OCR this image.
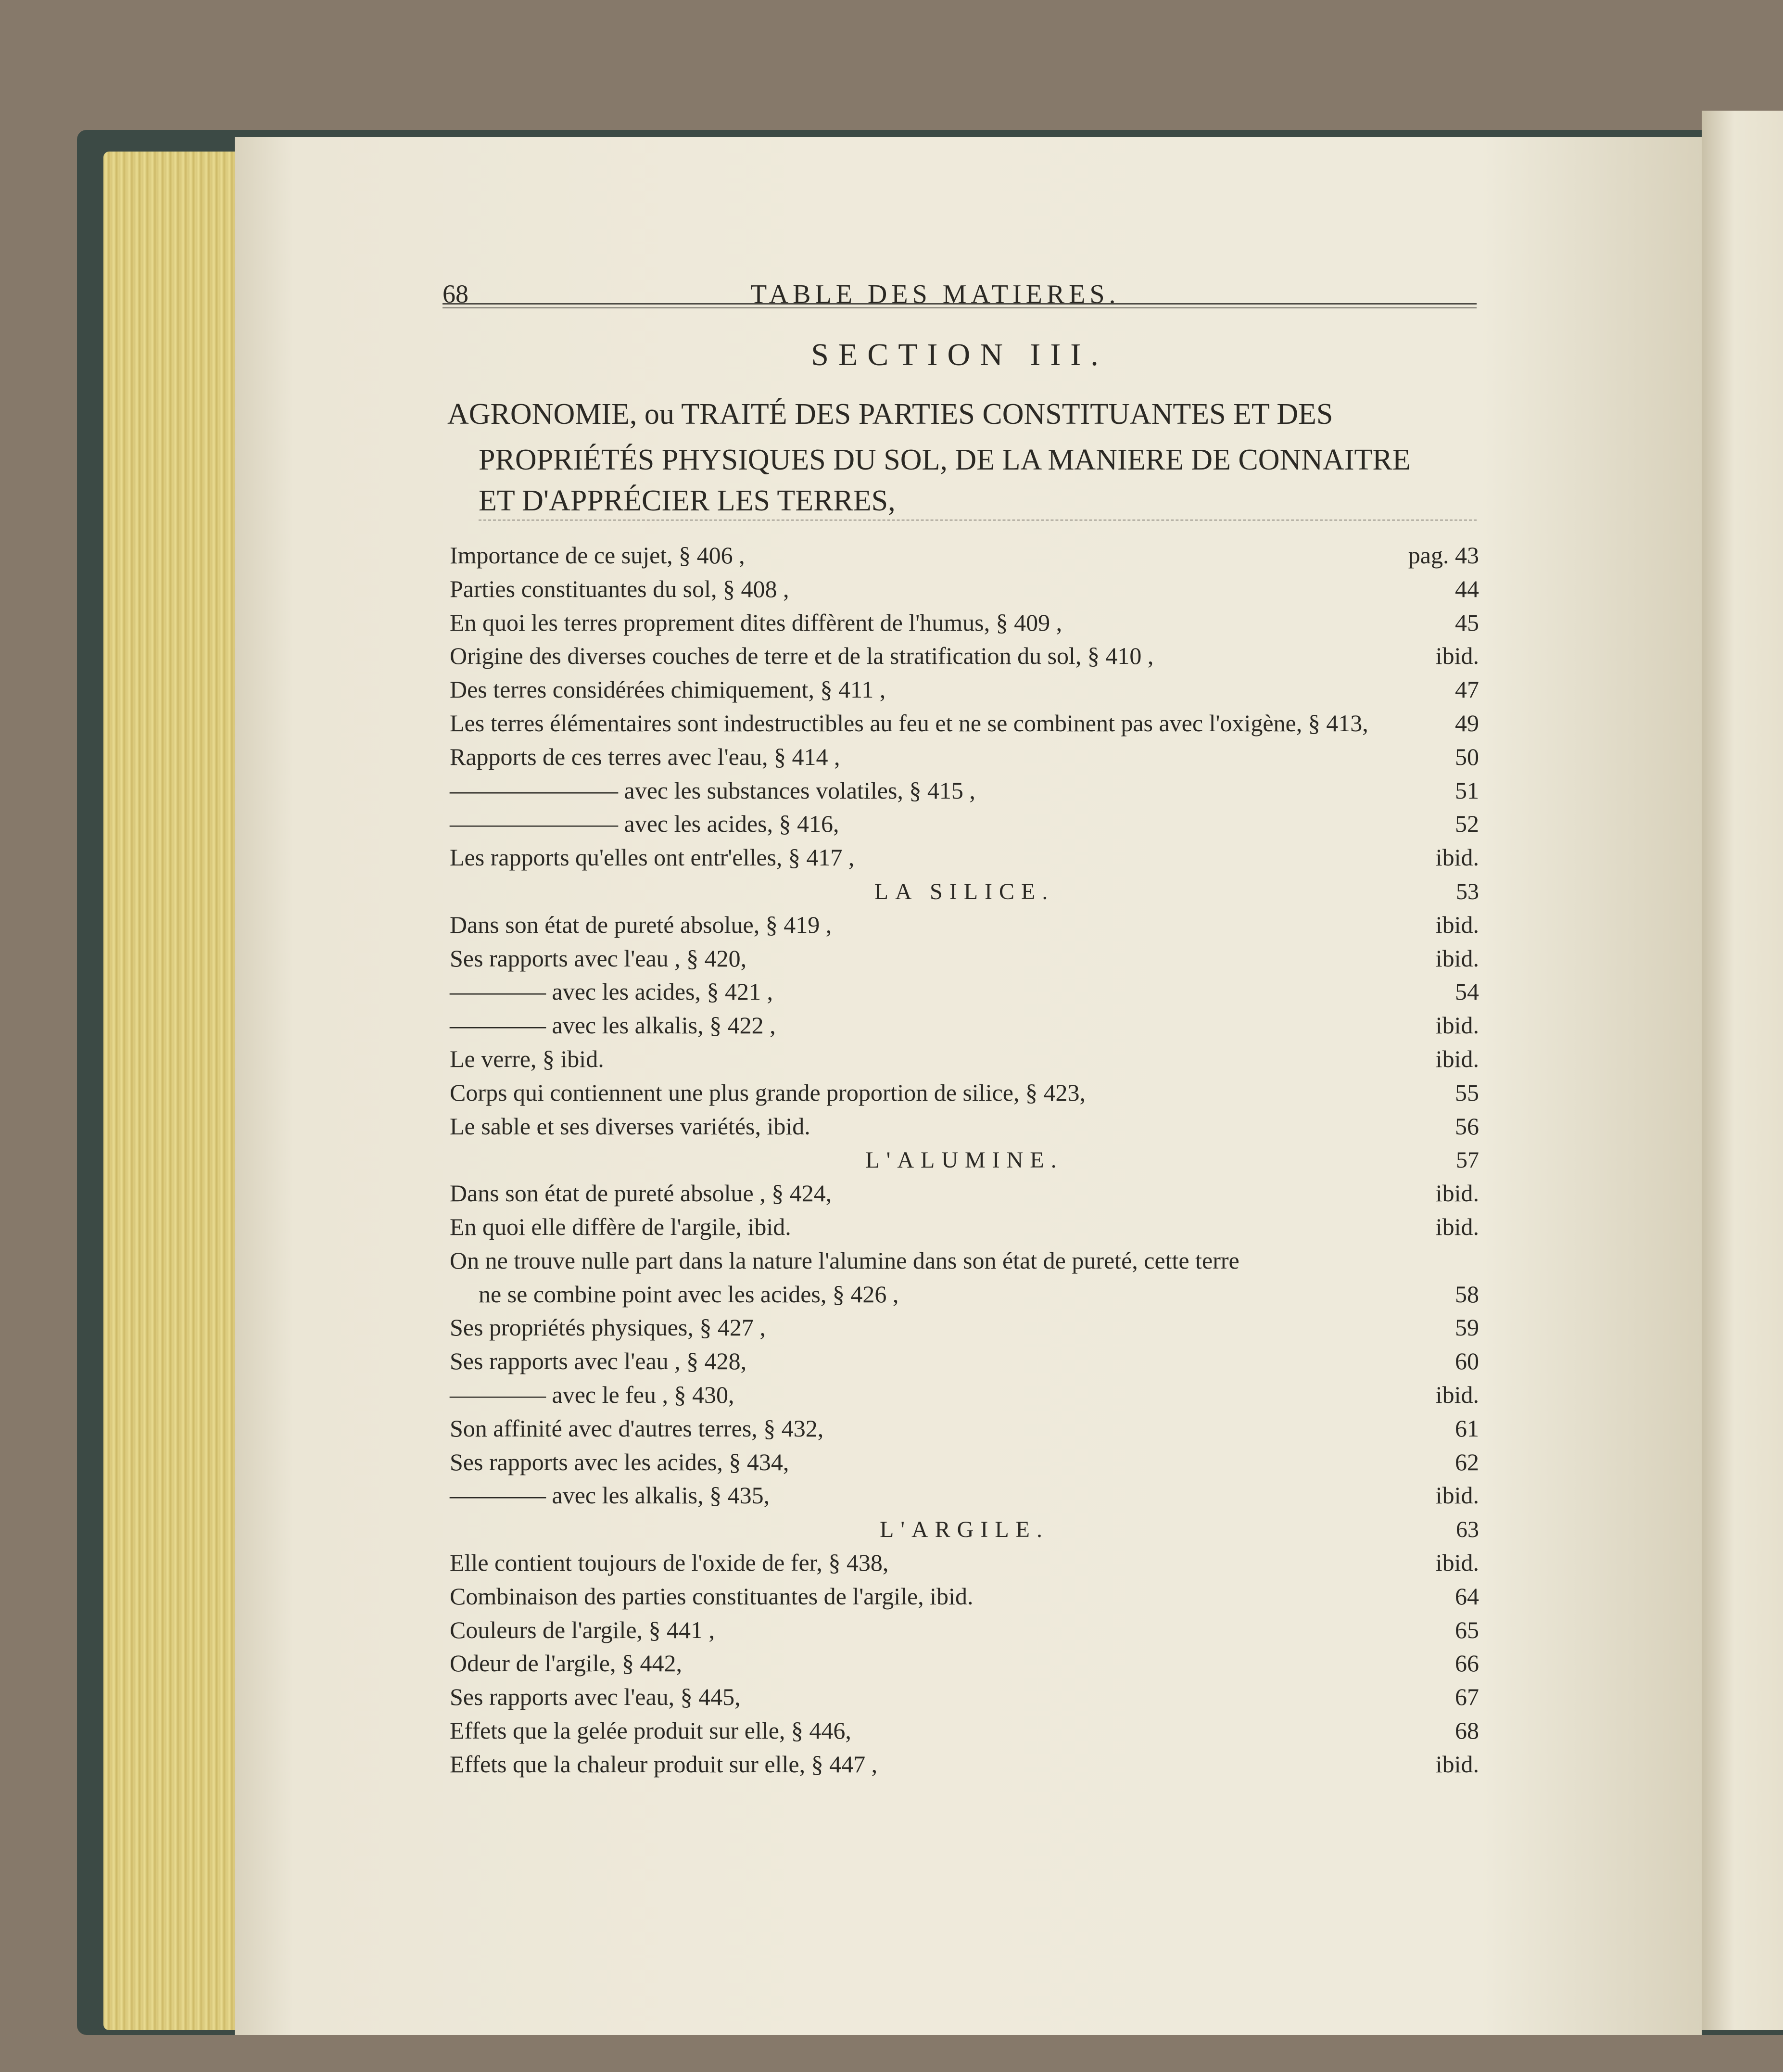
68	TABLE DES MATIERES.
SECTION III.
AGRONOMIE, ou TRAITÉ DES PARTIES CONSTITUANTES ET DES
PROPRIÉTÉS PHYSIQUES DU SOL, DE LA MANIERE DE CONNAITRE
ET D'APPRÉCIER LES TERRES,
Importance de ce sujet, § 406 ,	pag. 43
Parties constituantes du sol, § 408 ,	44
En quoi les terres proprement dites diffèrent de l'humus, § 409 ,	45
Origine des diverses couches de terre et de la stratification du sol, § 410 ,	ibid.
Des terres considérées chimiquement, § 411 ,	47
Les terres élémentaires sont indestructibles au feu et ne se combinent pas avec l'oxigène, § 413,	49
Rapports de ces terres avec l'eau, § 414 ,	50
——————— avec les substances volatiles, § 415 ,	51
——————— avec les acides, § 416,	52
Les rapports qu'elles ont entr'elles, § 417 ,	ibid.
LA SILICE.	53
Dans son état de pureté absolue, § 419 ,	ibid.
Ses rapports avec l'eau , § 420,	ibid.
———— avec les acides, § 421 ,	54
———— avec les alkalis, § 422 ,	ibid.
Le verre, § ibid.	ibid.
Corps qui contiennent une plus grande proportion de silice, § 423,	55
Le sable et ses diverses variétés, ibid.	56
L'ALUMINE.	57
Dans son état de pureté absolue , § 424,	ibid.
En quoi elle diffère de l'argile, ibid.	ibid.
On ne trouve nulle part dans la nature l'alumine dans son état de pureté, cette terre
ne se combine point avec les acides, § 426 ,	58
Ses propriétés physiques, § 427 ,	59
Ses rapports avec l'eau , § 428,	60
———— avec le feu , § 430,	ibid.
Son affinité avec d'autres terres, § 432,	61
Ses rapports avec les acides, § 434,	62
———— avec les alkalis, § 435,	ibid.
L'ARGILE.	63
Elle contient toujours de l'oxide de fer, § 438,	ibid.
Combinaison des parties constituantes de l'argile, ibid.	64
Couleurs de l'argile, § 441 ,	65
Odeur de l'argile, § 442,	66
Ses rapports avec l'eau, § 445,	67
Effets que la gelée produit sur elle, § 446,	68
Effets que la chaleur produit sur elle, § 447 ,	ibid.
